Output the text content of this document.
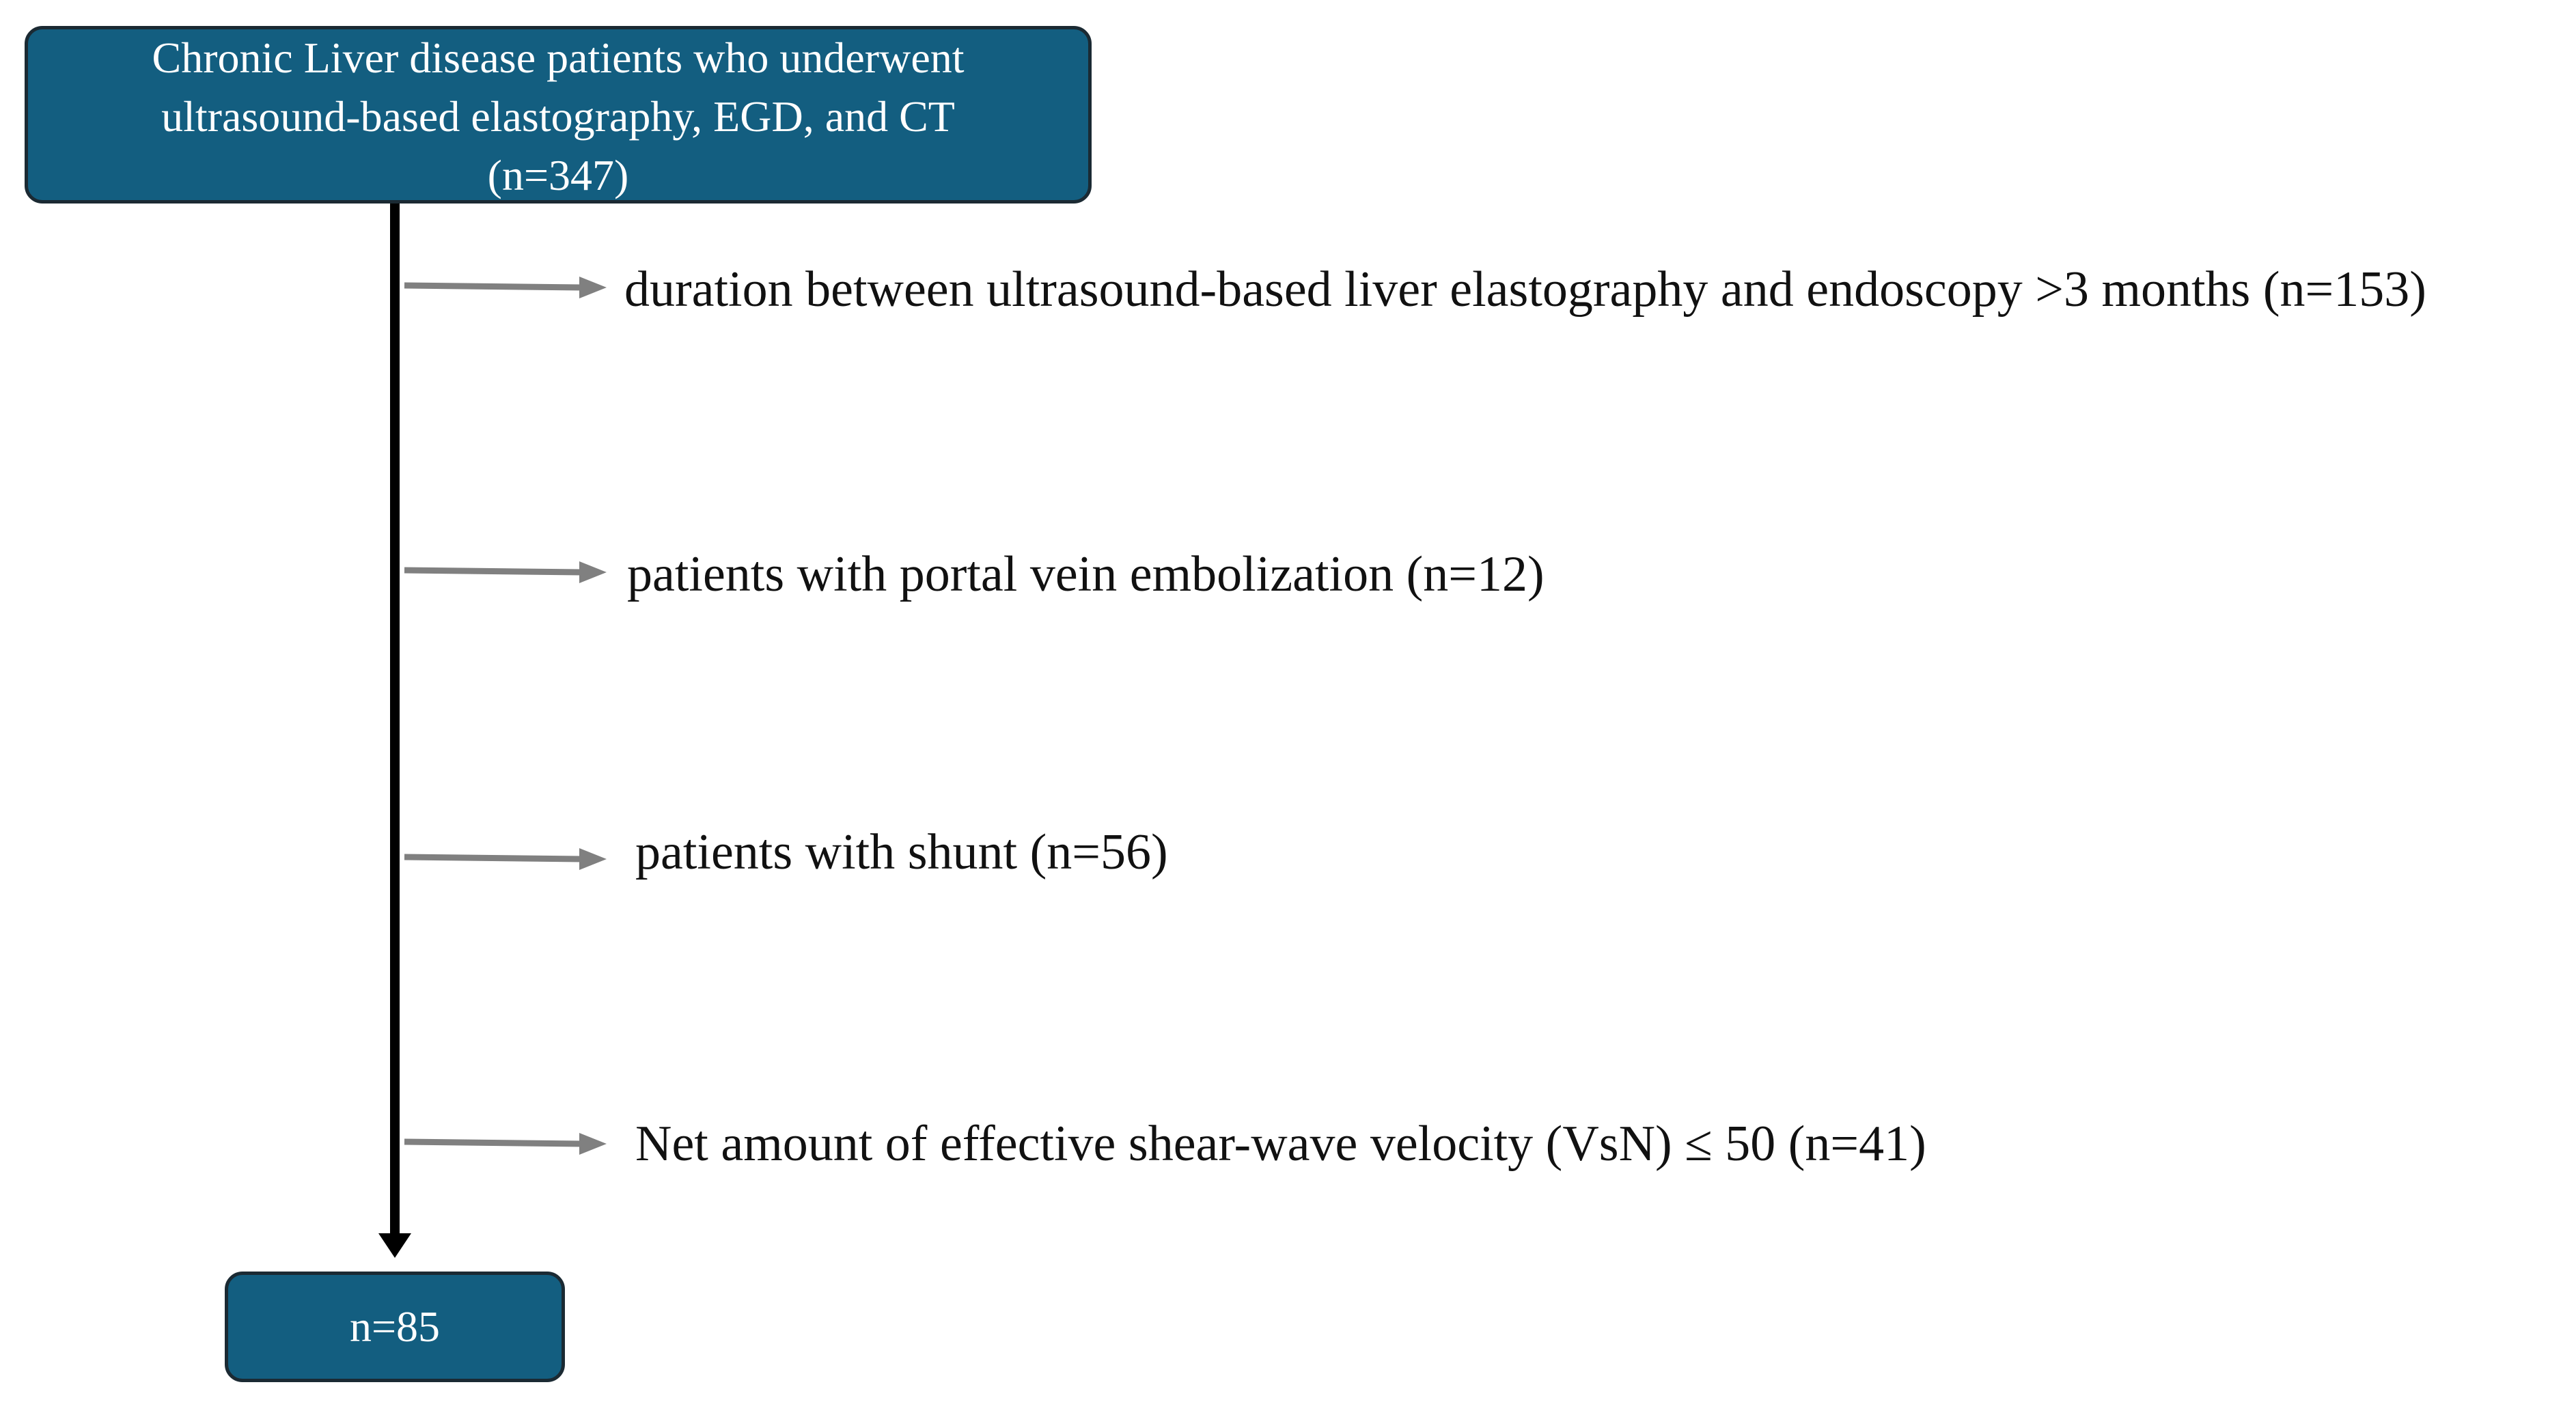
Chronic Liver disease patients who underwent
ultrasound-based elastography, EGD, and CT
(n=347)
duration between ultrasound-based liver elastography and endoscopy >3 months (n=153)
patients with portal vein embolization (n=12)
patients with shunt (n=56)
Net amount of effective shear-wave velocity (VsN) ≤ 50 (n=41)
n=85
